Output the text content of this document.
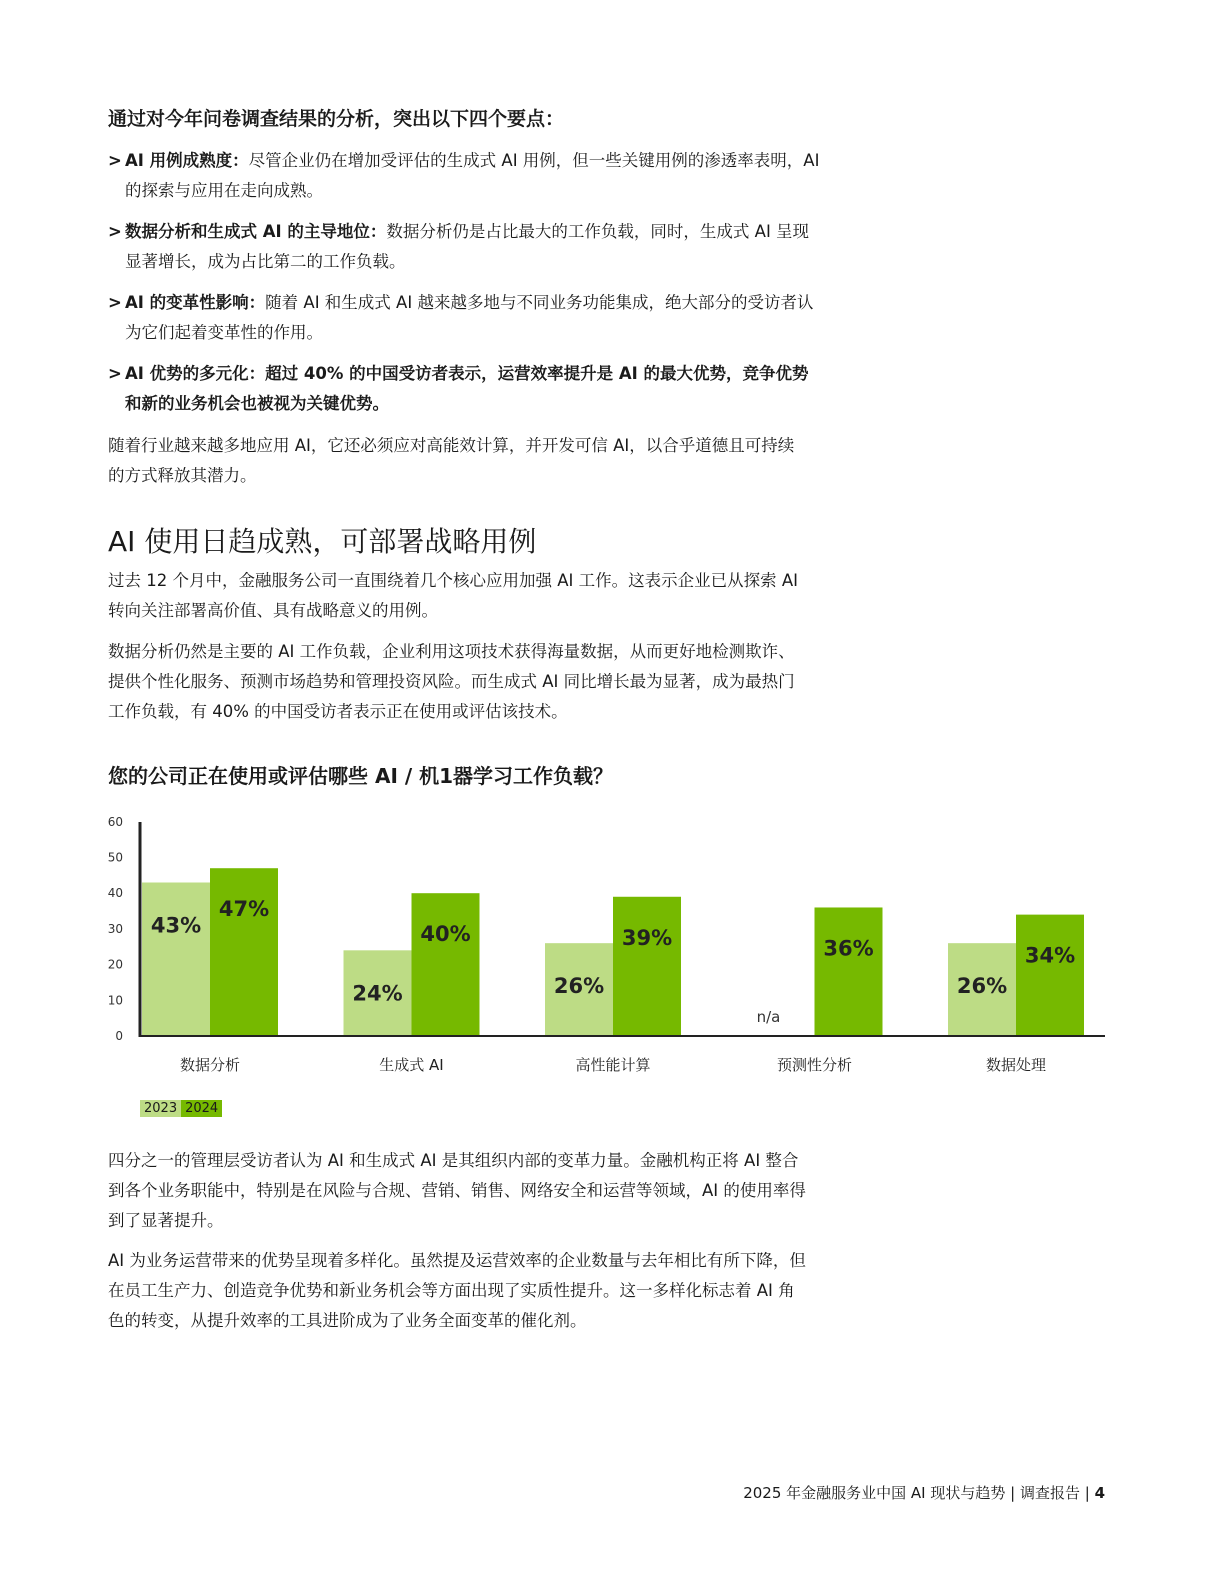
通过对今年问卷调查结果的分析，突出以下四个要点：
> AI 用例成熟度：尽管企业仍在增加受评估的生成式 AI 用例，但一些关键用例的渗透率表明，AI 的探索与应用在走向成熟。
> 数据分析和生成式 AI 的主导地位：数据分析仍是占比最大的工作负载，同时，生成式 AI 呈现显著增长，成为占比第二的工作负载。
> AI 的变革性影响：随着 AI 和生成式 AI 越来越多地与不同业务功能集成，绝大部分的受访者认为它们起着变革性的作用。
> AI 优势的多元化：超过 40% 的中国受访者表示，运营效率提升是 AI 的最大优势，竞争优势和新的业务机会也被视为关键优势。

随着行业越来越多地应用 AI，它还必须应对高能效计算，并开发可信 AI，以合乎道德且可持续的方式释放其潜力。

AI 使用日趋成熟，可部署战略用例

过去 12 个月中，金融服务公司一直围绕着几个核心应用加强 AI 工作。这表示企业已从探索 AI 转向关注部署高价值、具有战略意义的用例。

数据分析仍然是主要的 AI 工作负载，企业利用这项技术获得海量数据，从而更好地检测欺诈、提供个性化服务、预测市场趋势和管理投资风险。而生成式 AI 同比增长最为显著，成为最热门工作负载，有 40% 的中国受访者表示正在使用或评估该技术。

您的公司正在使用或评估哪些 AI / 机1器学习工作负载？
0
10
20
30
40
50
60
43%
47%
数据分析
24%
40%
生成式 AI
26%
39%
高性能计算
n/a
36%
预测性分析
26%
34%
数据处理
2023 2024

四分之一的管理层受访者认为 AI 和生成式 AI 是其组织内部的变革力量。金融机构正将 AI 整合到各个业务职能中，特别是在风险与合规、营销、销售、网络安全和运营等领域，AI 的使用率得到了显著提升。

AI 为业务运营带来的优势呈现着多样化。虽然提及运营效率的企业数量与去年相比有所下降，但在员工生产力、创造竞争优势和新业务机会等方面出现了实质性提升。这一多样化标志着 AI 角色的转变，从提升效率的工具进阶成为了业务全面变革的催化剂。

2025 年金融服务业中国 AI 现状与趋势 | 调查报告 | 4
